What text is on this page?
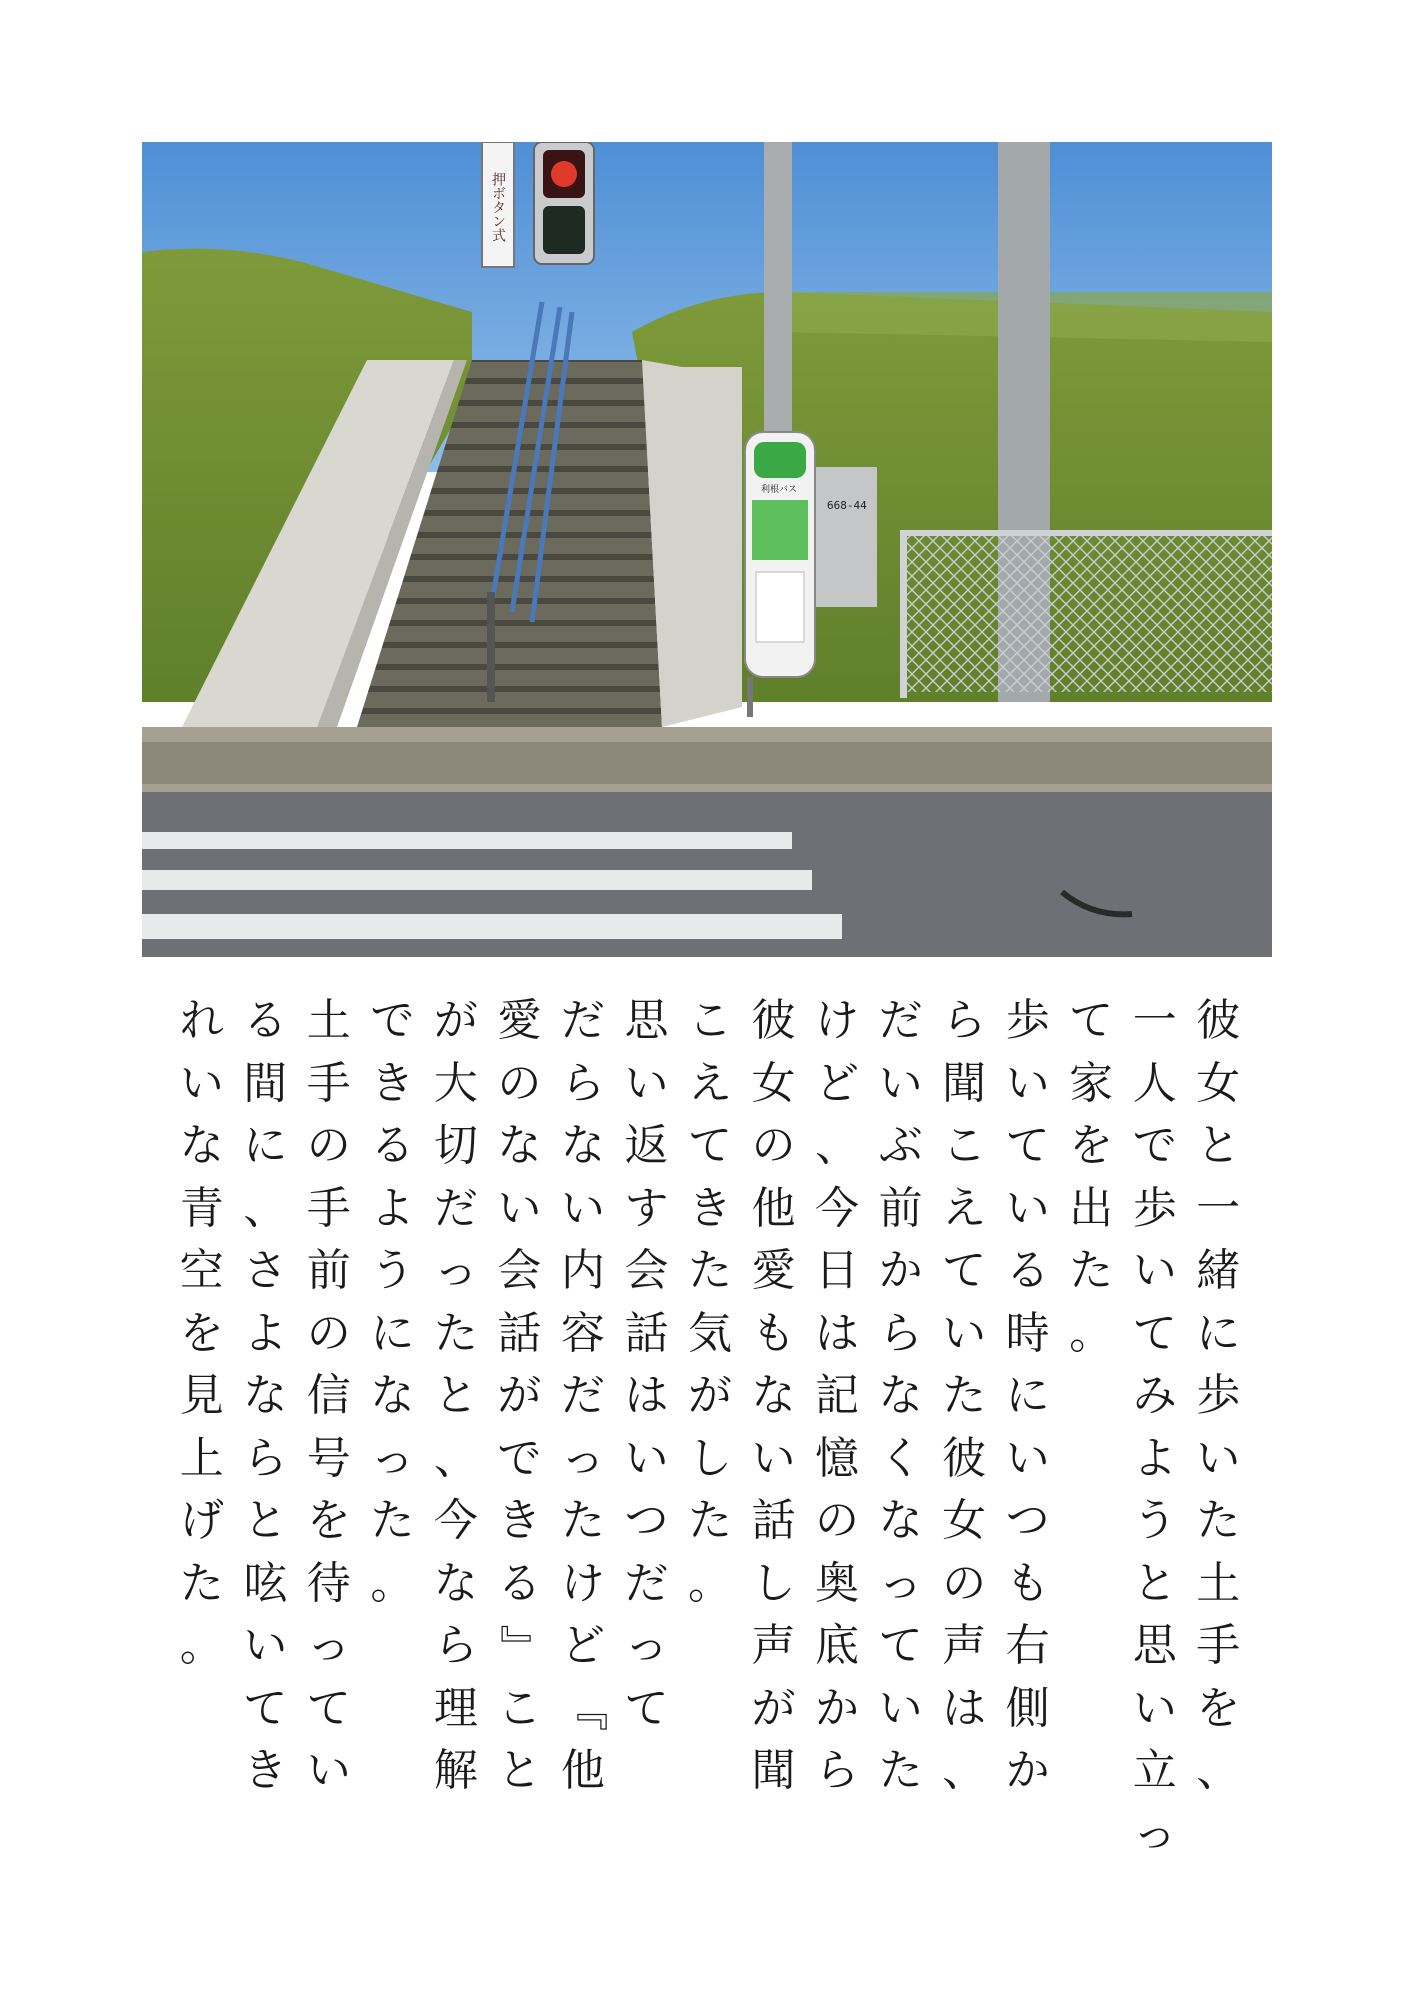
668-44
利根バス
押ボタン式
彼
女
と
一
緒
に
歩
い
た
土
手
を
、
一
人
で
歩
い
て
み
よ
う
と
思
い
立
っ
て
家
を
出
た
。
歩
い
て
い
る
時
に
い
つ
も
右
側
か
ら
聞
こ
え
て
い
た
彼
女
の
声
は
、
だ
い
ぶ
前
か
ら
な
く
な
っ
て
い
た
け
ど
、
今
日
は
記
憶
の
奥
底
か
ら
彼
女
の
他
愛
も
な
い
話
し
声
が
聞
こ
え
て
き
た
気
が
し
た
。
思
い
返
す
会
話
は
い
つ
だ
っ
て
だ
ら
な
い
内
容
だ
っ
た
け
ど
『
他
愛
の
な
い
会
話
が
で
き
る
』
こ
と
が
大
切
だ
っ
た
と
、
今
な
ら
理
解
で
き
る
よ
う
に
な
っ
た
。
土
手
の
手
前
の
信
号
を
待
っ
て
い
る
間
に
、
さ
よ
な
ら
と
呟
い
て
き
れ
い
な
青
空
を
見
上
げ
た
。
